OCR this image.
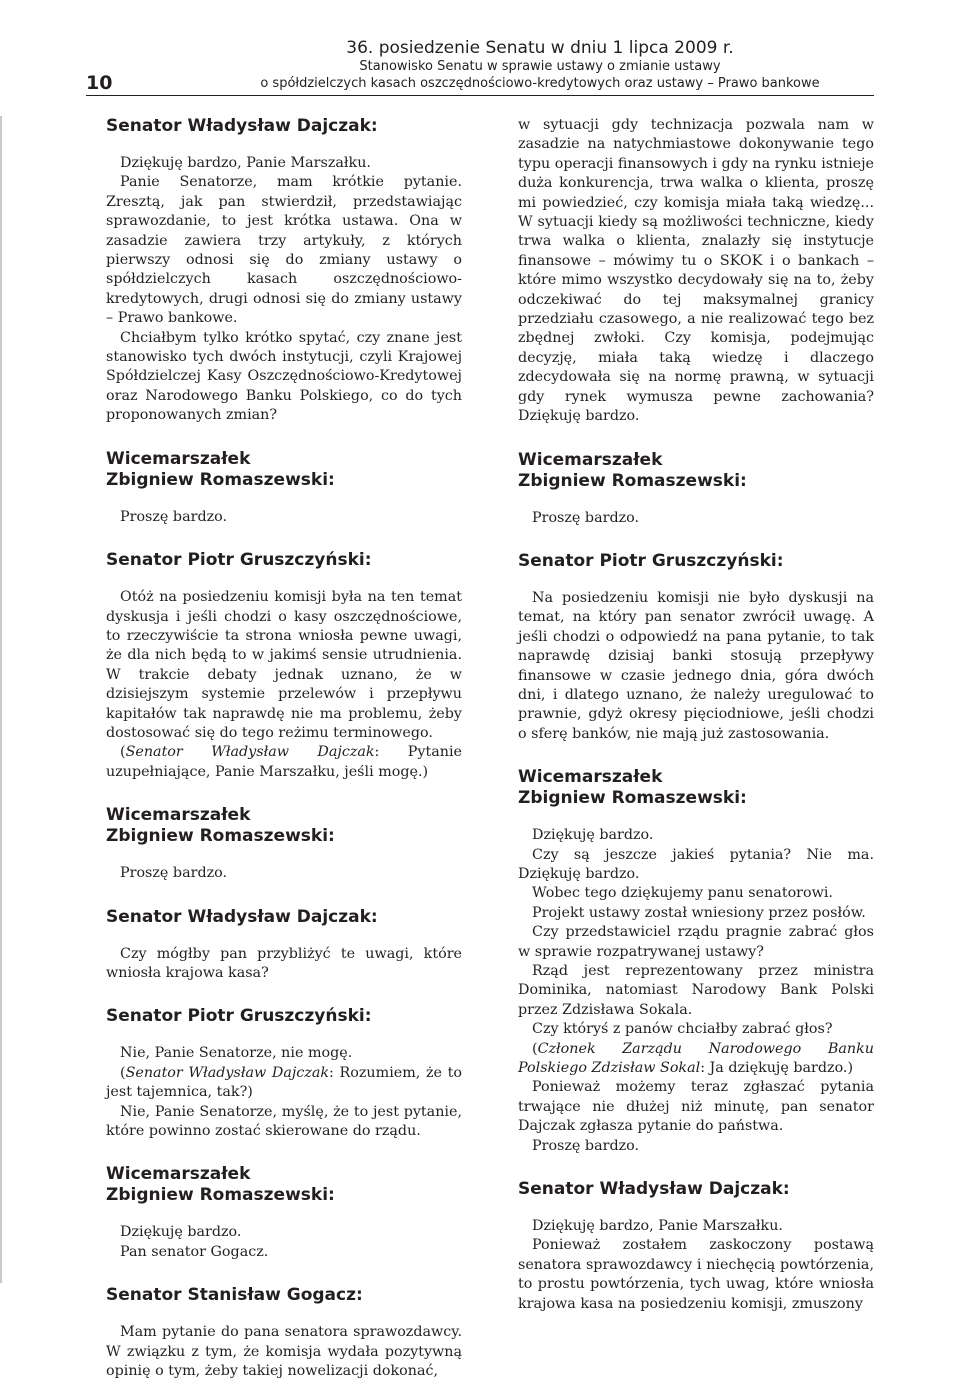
36. posiedzenie Senatu w dniu 1 lipca 2009 r.
Stanowisko Senatu w sprawie ustawy o zmianie ustawy
o spółdzielczych kasach oszczędnościowo-kredytowych oraz ustawy – Prawo bankowe
10
Senator Władysław Dajczak:

Dziękuję bardzo, Panie Marszałku.

Panie Senatorze, mam krótkie pytanie. Zresztą, jak pan stwierdził, przedstawiając sprawozdanie, to jest krótka ustawa. Ona w zasadzie zawiera trzy artykuły, z których pierwszy odnosi się do zmiany ustawy o spółdzielczych kasach oszczędnościowo-kredytowych, drugi odnosi się do zmiany ustawy – Prawo bankowe.

Chciałbym tylko krótko spytać, czy znane jest stanowisko tych dwóch instytucji, czyli Krajowej Spółdzielczej Kasy Oszczędnościowo-Kredytowej oraz Narodowego Banku Polskiego, co do tych proponowanych zmian?

Wicemarszałek
Zbigniew Romaszewski:

Proszę bardzo.

Senator Piotr Gruszczyński:

Otóż na posiedzeniu komisji była na ten temat dyskusja i jeśli chodzi o kasy oszczędnościowe, to rzeczywiście ta strona wniosła pewne uwagi, że dla nich będą to w jakimś sensie utrudnienia. W trakcie debaty jednak uznano, że w dzisiejszym systemie przelewów i przepływu kapitałów tak naprawdę nie ma problemu, żeby dostosować się do tego reżimu terminowego.

(Senator Władysław Dajczak: Pytanie uzupełniające, Panie Marszałku, jeśli mogę.)

Wicemarszałek
Zbigniew Romaszewski:

Proszę bardzo.

Senator Władysław Dajczak:

Czy mógłby pan przybliżyć te uwagi, które wniosła krajowa kasa?

Senator Piotr Gruszczyński:

Nie, Panie Senatorze, nie mogę.

(Senator Władysław Dajczak: Rozumiem, że to jest tajemnica, tak?)

Nie, Panie Senatorze, myślę, że to jest pytanie, które powinno zostać skierowane do rządu.

Wicemarszałek
Zbigniew Romaszewski:

Dziękuję bardzo.

Pan senator Gogacz.

Senator Stanisław Gogacz:

Mam pytanie do pana senatora sprawozdawcy. W związku z tym, że komisja wydała pozytywną opinię o tym, żeby takiej nowelizacji dokonać,

w sytuacji gdy technizacja pozwala nam w zasadzie na natychmiastowe dokonywanie tego typu operacji finansowych i gdy na rynku istnieje duża konkurencja, trwa walka o klienta, proszę mi powiedzieć, czy komisja miała taką wiedzę... W sytuacji kiedy są możliwości techniczne, kiedy trwa walka o klienta, znalazły się instytucje finansowe – mówimy tu o SKOK i o bankach – które mimo wszystko decydowały się na to, żeby odczekiwać do tej maksymalnej granicy przedziału czasowego, a nie realizować tego bez zbędnej zwłoki. Czy komisja, podejmując decyzję, miała taką wiedzę i dlaczego zdecydowała się na normę prawną, w sytuacji gdy rynek wymusza pewne zachowania? Dziękuję bardzo.

Wicemarszałek
Zbigniew Romaszewski:

Proszę bardzo.

Senator Piotr Gruszczyński:

Na posiedzeniu komisji nie było dyskusji na temat, na który pan senator zwrócił uwagę. A jeśli chodzi o odpowiedź na pana pytanie, to tak naprawdę dzisiaj banki stosują przepływy finansowe w czasie jednego dnia, góra dwóch dni, i dlatego uznano, że należy uregulować to prawnie, gdyż okresy pięciodniowe, jeśli chodzi o sferę banków, nie mają już zastosowania.

Wicemarszałek
Zbigniew Romaszewski:

Dziękuję bardzo.

Czy są jeszcze jakieś pytania? Nie ma. Dziękuję bardzo.

Wobec tego dziękujemy panu senatorowi.

Projekt ustawy został wniesiony przez posłów.

Czy przedstawiciel rządu pragnie zabrać głos w sprawie rozpatrywanej ustawy?

Rząd jest reprezentowany przez ministra Dominika, natomiast Narodowy Bank Polski przez Zdzisława Sokala.

Czy któryś z panów chciałby zabrać głos?

(Członek Zarządu Narodowego Banku Polskiego Zdzisław Sokal: Ja dziękuję bardzo.)

Ponieważ możemy teraz zgłaszać pytania trwające nie dłużej niż minutę, pan senator Dajczak zgłasza pytanie do państwa.

Proszę bardzo.

Senator Władysław Dajczak:

Dziękuję bardzo, Panie Marszałku.

Ponieważ zostałem zaskoczony postawą senatora sprawozdawcy i niechęcią powtórzenia, to prostu powtórzenia, tych uwag, które wniosła krajowa kasa na posiedzeniu komisji, zmuszony
